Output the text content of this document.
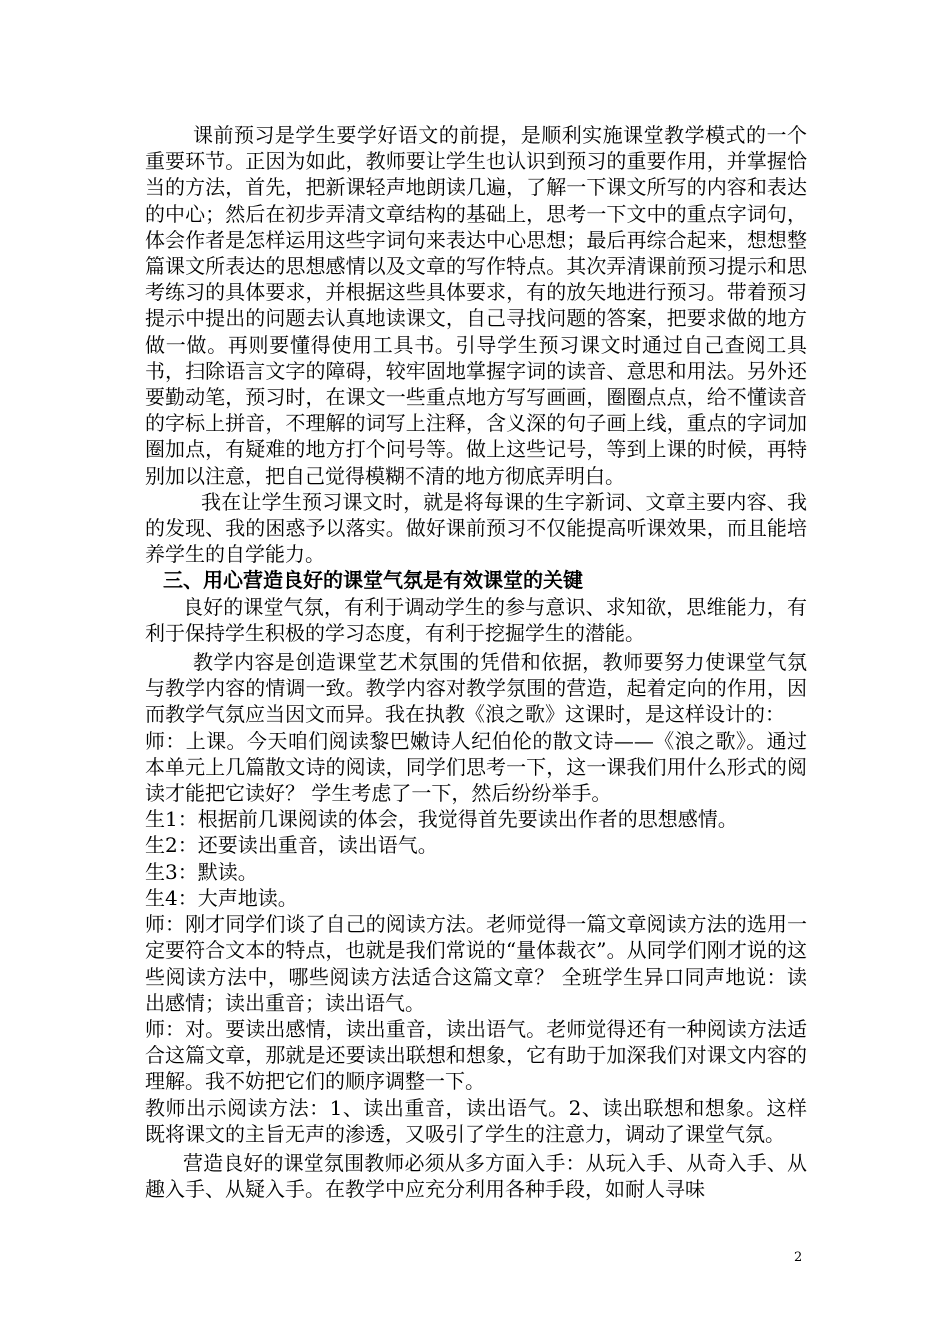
课前预习是学生要学好语文的前提，是顺利实施课堂教学模式的一个重要环节。正因为如此，教师要让学生也认识到预习的重要作用，并掌握恰当的方法，首先，把新课轻声地朗读几遍，了解一下课文所写的内容和表达的中心；然后在初步弄清文章结构的基础上，思考一下文中的重点字词句，体会作者是怎样运用这些字词句来表达中心思想；最后再综合起来，想想整篇课文所表达的思想感情以及文章的写作特点。其次弄清课前预习提示和思考练习的具体要求，并根据这些具体要求，有的放矢地进行预习。带着预习提示中提出的问题去认真地读课文，自己寻找问题的答案，把要求做的地方做一做。再则要懂得使用工具书。引导学生预习课文时通过自己查阅工具书，扫除语言文字的障碍，较牢固地掌握字词的读音、意思和用法。另外还要勤动笔，预习时，在课文一些重点地方写写画画，圈圈点点，给不懂读音的字标上拼音，不理解的词写上注释，含义深的句子画上线，重点的字词加圈加点，有疑难的地方打个问号等。做上这些记号，等到上课的时候，再特别加以注意，把自己觉得模糊不清的地方彻底弄明白。

我在让学生预习课文时，就是将每课的生字新词、文章主要内容、我的发现、我的困惑予以落实。做好课前预习不仅能提高听课效果，而且能培养学生的自学能力。

三、用心营造良好的课堂气氛是有效课堂的关键

良好的课堂气氛，有利于调动学生的参与意识、求知欲，思维能力，有利于保持学生积极的学习态度，有利于挖掘学生的潜能。

教学内容是创造课堂艺术氛围的凭借和依据，教师要努力使课堂气氛与教学内容的情调一致。教学内容对教学氛围的营造，起着定向的作用，因而教学气氛应当因文而异。我在执教《浪之歌》这课时，是这样设计的：

师：上课。今天咱们阅读黎巴嫩诗人纪伯伦的散文诗——《浪之歌》。通过本单元上几篇散文诗的阅读，同学们思考一下，这一课我们用什么形式的阅读才能把它读好？ 学生考虑了一下，然后纷纷举手。

生1：根据前几课阅读的体会，我觉得首先要读出作者的思想感情。

生2：还要读出重音，读出语气。

生3：默读。

生4：大声地读。

师：刚才同学们谈了自己的阅读方法。老师觉得一篇文章阅读方法的选用一定要符合文本的特点，也就是我们常说的“量体裁衣”。从同学们刚才说的这些阅读方法中，哪些阅读方法适合这篇文章？ 全班学生异口同声地说：读出感情；读出重音；读出语气。

师：对。要读出感情，读出重音，读出语气。老师觉得还有一种阅读方法适合这篇文章，那就是还要读出联想和想象，它有助于加深我们对课文内容的理解。我不妨把它们的顺序调整一下。

教师出示阅读方法：1、读出重音，读出语气。2、读出联想和想象。这样既将课文的主旨无声的渗透，又吸引了学生的注意力，调动了课堂气氛。

营造良好的课堂氛围教师必须从多方面入手：从玩入手、从奇入手、从趣入手、从疑入手。在教学中应充分利用各种手段，如耐人寻味

2
